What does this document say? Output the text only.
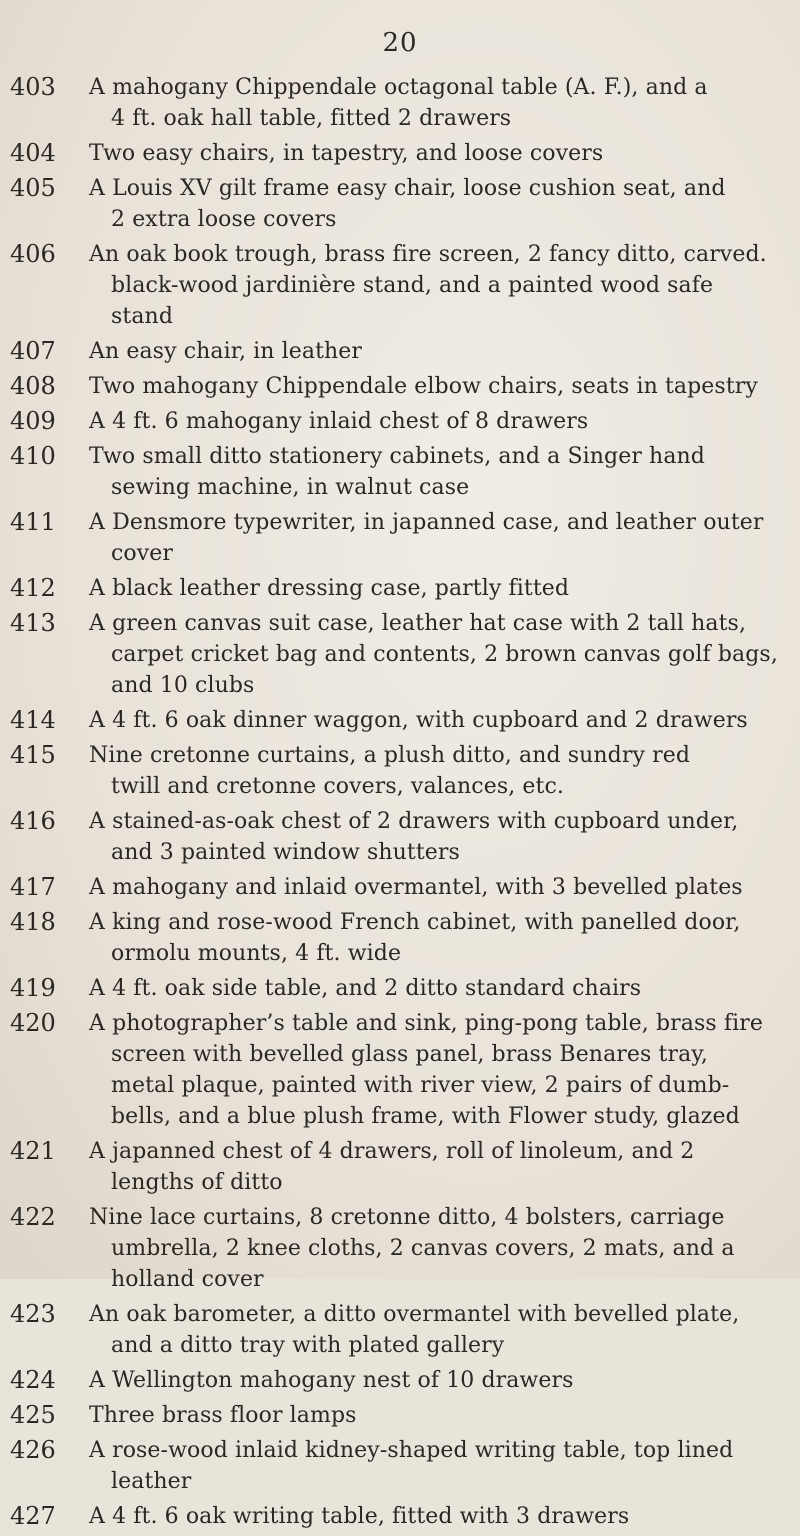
20
403	A mahogany Chippendale octagonal table (A. F.), and a
4 ft. oak hall table, fitted 2 drawers
404	Two easy chairs, in tapestry, and loose covers
405	A Louis XV gilt frame easy chair, loose cushion seat, and
2 extra loose covers
406	An oak book trough, brass fire screen, 2 fancy ditto, carved.
black-wood jardinière stand, and a painted wood safe
stand
407	An easy chair, in leather
408	Two mahogany Chippendale elbow chairs, seats in tapestry
409	A 4 ft. 6 mahogany inlaid chest of 8 drawers
410	Two small ditto stationery cabinets, and a Singer hand
sewing machine, in walnut case
411	A Densmore typewriter, in japanned case, and leather outer
cover
412	A black leather dressing case, partly fitted
413	A green canvas suit case, leather hat case with 2 tall hats,
carpet cricket bag and contents, 2 brown canvas golf bags,
and 10 clubs
414	A 4 ft. 6 oak dinner waggon, with cupboard and 2 drawers
415	Nine cretonne curtains, a plush ditto, and sundry red
twill and cretonne covers, valances, etc.
416	A stained-as-oak chest of 2 drawers with cupboard under,
and 3 painted window shutters
417	A mahogany and inlaid overmantel, with 3 bevelled plates
418	A king and rose-wood French cabinet, with panelled door,
ormolu mounts, 4 ft. wide
419	A 4 ft. oak side table, and 2 ditto standard chairs
420	A photographer’s table and sink, ping-pong table, brass fire
screen with bevelled glass panel, brass Benares tray,
metal plaque, painted with river view, 2 pairs of dumb-
bells, and a blue plush frame, with Flower study, glazed
421	A japanned chest of 4 drawers, roll of linoleum, and 2
lengths of ditto
422	Nine lace curtains, 8 cretonne ditto, 4 bolsters, carriage
umbrella, 2 knee cloths, 2 canvas covers, 2 mats, and a
holland cover
423	An oak barometer, a ditto overmantel with bevelled plate,
and a ditto tray with plated gallery
424	A Wellington mahogany nest of 10 drawers
425	Three brass floor lamps
426	A rose-wood inlaid kidney-shaped writing table, top lined
leather
427	A 4 ft. 6 oak writing table, fitted with 3 drawers
